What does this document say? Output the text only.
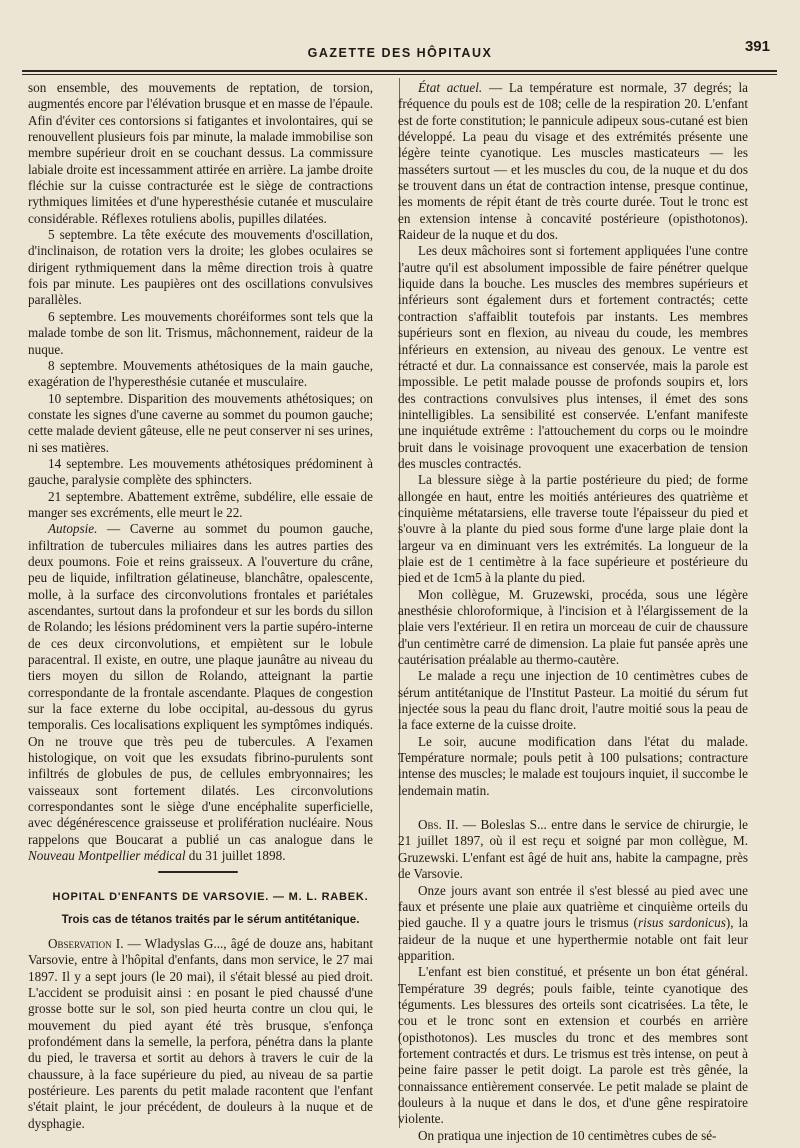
GAZETTE DES HÔPITAUX	391

son ensemble, des mouvements de reptation, de torsion, augmentés encore par l'élévation brusque et en masse de l'épaule. Afin d'éviter ces contorsions si fatigantes et involontaires, qui se renouvellent plusieurs fois par minute, la malade immobilise son membre supérieur droit en se couchant dessus. La commissure labiale droite est incessamment attirée en arrière. La jambe droite fléchie sur la cuisse contracturée est le siège de contractions rythmiques limitées et d'une hyperesthésie cutanée et musculaire considérable. Réflexes rotuliens abolis, pupilles dilatées.

5 septembre. La tête exécute des mouvements d'oscillation, d'inclinaison, de rotation vers la droite; les globes oculaires se dirigent rythmiquement dans la même direction trois à quatre fois par minute. Les paupières ont des oscillations convulsives parallèles.

6 septembre. Les mouvements choréiformes sont tels que la malade tombe de son lit. Trismus, mâchonnement, raideur de la nuque.

8 septembre. Mouvements athétosiques de la main gauche, exagération de l'hyperesthésie cutanée et musculaire.

10 septembre. Disparition des mouvements athétosiques; on constate les signes d'une caverne au sommet du poumon gauche; cette malade devient gâteuse, elle ne peut conserver ni ses urines, ni ses matières.

14 septembre. Les mouvements athétosiques prédominent à gauche, paralysie complète des sphincters.

21 septembre. Abattement extrême, subdélire, elle essaie de manger ses excréments, elle meurt le 22.

Autopsie. — Caverne au sommet du poumon gauche, infiltration de tubercules miliaires dans les autres parties des deux poumons. Foie et reins graisseux. A l'ouverture du crâne, peu de liquide, infiltration gélatineuse, blanchâtre, opalescente, molle, à la surface des circonvolutions frontales et pariétales ascendantes, surtout dans la profondeur et sur les bords du sillon de Rolando; les lésions prédominent vers la partie supéro-interne de ces deux circonvolutions, et empiètent sur le lobule paracentral. Il existe, en outre, une plaque jaunâtre au niveau du tiers moyen du sillon de Rolando, atteignant la partie correspondante de la frontale ascendante. Plaques de congestion sur la face externe du lobe occipital, au-dessous du gyrus temporalis. Ces localisations expliquent les symptômes indiqués. On ne trouve que très peu de tubercules. A l'examen histologique, on voit que les exsudats fibrino-purulents sont infiltrés de globules de pus, de cellules embryonnaires; les vaisseaux sont fortement dilatés. Les circonvolutions correspondantes sont le siège d'une encéphalite superficielle, avec dégénérescence graisseuse et prolifération nucléaire. Nous rappelons que Boucarat a publié un cas analogue dans le Nouveau Montpellier médical du 31 juillet 1898.

HOPITAL D'ENFANTS DE VARSOVIE. — M. L. RABEK.

Trois cas de tétanos traités par le sérum antitétanique.

Observation I. — Wladyslas G..., âgé de douze ans, habitant Varsovie, entre à l'hôpital d'enfants, dans mon service, le 27 mai 1897. Il y a sept jours (le 20 mai), il s'était blessé au pied droit. L'accident se produisit ainsi : en posant le pied chaussé d'une grosse botte sur le sol, son pied heurta contre un clou qui, le mouvement du pied ayant été très brusque, s'enfonça profondément dans la semelle, la perfora, pénétra dans la plante du pied, le traversa et sortit au dehors à travers le cuir de la chaussure, à la face supérieure du pied, au niveau de sa partie postérieure. Les parents du petit malade racontent que l'enfant s'était plaint, le jour précédent, de douleurs à la nuque et de dysphagie.

État actuel. — La température est normale, 37 degrés; la fréquence du pouls est de 108; celle de la respiration 20. L'enfant est de forte constitution; le pannicule adipeux sous-cutané est bien développé. La peau du visage et des extrémités présente une légère teinte cyanotique. Les muscles masticateurs — les masséters surtout — et les muscles du cou, de la nuque et du dos se trouvent dans un état de contraction intense, presque continue, les moments de répit étant de très courte durée. Tout le tronc est en extension intense à concavité postérieure (opisthotonos). Raideur de la nuque et du dos.

Les deux mâchoires sont si fortement appliquées l'une contre l'autre qu'il est absolument impossible de faire pénétrer quelque liquide dans la bouche. Les muscles des membres supérieurs et inférieurs sont également durs et fortement contractés; cette contraction s'affaiblit toutefois par instants. Les membres supérieurs sont en flexion, au niveau du coude, les membres inférieurs en extension, au niveau des genoux. Le ventre est rétracté et dur. La connaissance est conservée, mais la parole est impossible. Le petit malade pousse de profonds soupirs et, lors des contractions convulsives plus intenses, il émet des sons inintelligibles. La sensibilité est conservée. L'enfant manifeste une inquiétude extrême : l'attouchement du corps ou le moindre bruit dans le voisinage provoquent une exacerbation de tension des muscles contractés.

La blessure siège à la partie postérieure du pied; de forme allongée en haut, entre les moitiés antérieures des quatrième et cinquième métatarsiens, elle traverse toute l'épaisseur du pied et s'ouvre à la plante du pied sous forme d'une large plaie dont la largeur va en diminuant vers les extrémités. La longueur de la plaie est de 1 centimètre à la face supérieure et postérieure du pied et de 1cm5 à la plante du pied.

Mon collègue, M. Gruzewski, procéda, sous une légère anesthésie chloroformique, à l'incision et à l'élargissement de la plaie vers l'extérieur. Il en retira un morceau de cuir de chaussure d'un centimètre carré de dimension. La plaie fut pansée après une cautérisation préalable au thermo-cautère.

Le malade a reçu une injection de 10 centimètres cubes de sérum antitétanique de l'Institut Pasteur. La moitié du sérum fut injectée sous la peau du flanc droit, l'autre moitié sous la peau de la face externe de la cuisse droite.

Le soir, aucune modification dans l'état du malade. Température normale; pouls petit à 100 pulsations; contracture intense des muscles; le malade est toujours inquiet, il succombe le lendemain matin.

Obs. II. — Boleslas S... entre dans le service de chirurgie, le 21 juillet 1897, où il est reçu et soigné par mon collègue, M. Gruzewski. L'enfant est âgé de huit ans, habite la campagne, près de Varsovie.

Onze jours avant son entrée il s'est blessé au pied avec une faux et présente une plaie aux quatrième et cinquième orteils du pied gauche. Il y a quatre jours le trismus (risus sardonicus), la raideur de la nuque et une hyperthermie notable ont fait leur apparition.

L'enfant est bien constitué, et présente un bon état général. Température 39 degrés; pouls faible, teinte cyanotique des téguments. Les blessures des orteils sont cicatrisées. La tête, le cou et le tronc sont en extension et courbés en arrière (opisthotonos). Les muscles du tronc et des membres sont fortement contractés et durs. Le trismus est très intense, on peut à peine faire passer le petit doigt. La parole est très gênée, la connaissance entièrement conservée. Le petit malade se plaint de douleurs à la nuque et dans le dos, et d'une gêne respiratoire violente.

On pratiqua une injection de 10 centimètres cubes de sé-
